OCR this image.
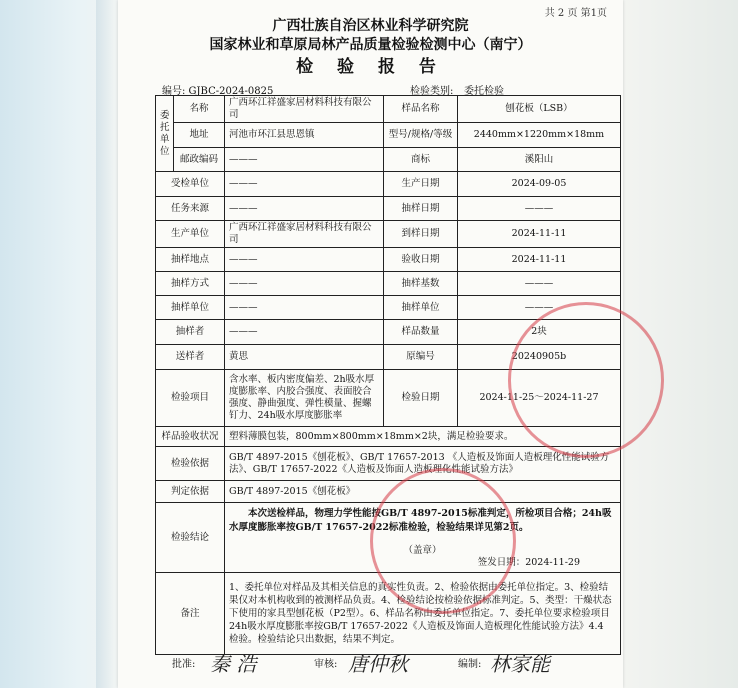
共 2 页 第1页
广西壮族自治区林业科学研究院
国家林业和草原局林产品质量检验检测中心（南宁）
检 验 报 告
编号: GJBC-2024-0825	检验类别: 委托检验
委托单位	名称	广西环江祥盛家居材料科技有限公司	样品名称	刨花板（LSB）
	地址	河池市环江县思恩镇	型号/规格/等级	2440mm×1220mm×18mm
	邮政编码	———	商标	溪阳山
受检单位		———	生产日期	2024-09-05
任务来源		———	抽样日期	———
生产单位		广西环江祥盛家居材料科技有限公司	到样日期	2024-11-11
抽样地点		———	验收日期	2024-11-11
抽样方式		———	抽样基数	———
抽样单位		———	抽样单位	———
抽样者		———	样品数量	2块
送样者		黄思	原编号	20240905b
检验项目		含水率、板内密度偏差、2h吸水厚度膨胀率、内胶合强度、表面胶合强度、静曲强度、弹性模量、握螺钉力、24h吸水厚度膨胀率	检验日期	2024-11-25～2024-11-27
样品验收状况		塑料薄膜包装，800mm×800mm×18mm×2块，满足检验要求。		
检验依据		GB/T 4897-2015《刨花板》、GB/T 17657-2013 《人造板及饰面人造板理化性能试验方法》、GB/T 17657-2022《人造板及饰面人造板理化性能试验方法》		
判定依据		GB/T 4897-2015《刨花板》		
检验结论		本次送检样品，物理力学性能按GB/T 4897-2015标准判定，所检项目合格；24h吸水厚度膨胀率按GB/T 17657-2022标准检验，检验结果详见第2页。
（盖章）
签发日期：2024-11-29		

备注		1、委托单位对样品及其相关信息的真实性负责。2、检验依据由委托单位指定。3、检验结果仅对本机构收到的被测样品负责。4、检验结论按检验依据标准判定。5、类型：干燥状态下使用的家具型刨花板（P2型）。6、样品名称由委托单位指定。7、委托单位要求检验项目24h吸水厚度膨胀率按GB/T 17657-2022《人造板及饰面人造板理化性能试验方法》4.4 检验。检验结论只出数据，结果不判定。		
批准:	审核:	编制:
秦 浩	唐仲秋	林家能
